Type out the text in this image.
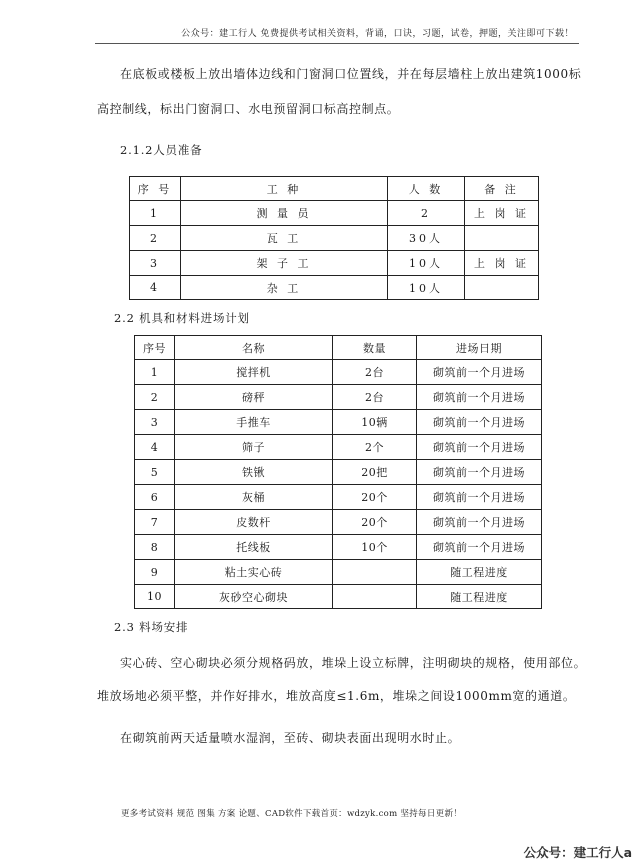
公众号：建工行人 免费提供考试相关资料，背诵，口诀，习题，试卷，押题，关注即可下载！
在底板或楼板上放出墙体边线和门窗洞口位置线，并在每层墙柱上放出建筑1000标
高控制线，标出门窗洞口、水电预留洞口标高控制点。
2.1.2人员准备
序 号	工 种	人 数	备 注
1	测 量 员	2	上 岗 证
2	瓦 工	30人	
3	架 子 工	10人	上 岗 证
4	杂 工	10人	
2.2 机具和材料进场计划
序号	名称	数量	进场日期
1	搅拌机	2台	砌筑前一个月进场
2	磅秤	2台	砌筑前一个月进场
3	手推车	10辆	砌筑前一个月进场
4	筛子	2个	砌筑前一个月进场
5	铁锹	20把	砌筑前一个月进场
6	灰桶	20个	砌筑前一个月进场
7	皮数杆	20个	砌筑前一个月进场
8	托线板	10个	砌筑前一个月进场
9	粘土实心砖		随工程进度
10	灰砂空心砌块		随工程进度
2.3 料场安排
实心砖、空心砌块必须分规格码放，堆垛上设立标牌，注明砌块的规格，使用部位。
堆放场地必须平整，并作好排水，堆放高度≤1.6m，堆垛之间设1000mm宽的通道。
在砌筑前两天适量喷水湿润，至砖、砌块表面出现明水时止。
更多考试资料 规范 图集 方案 论题、CAD软件下载首页：wdzyk.com 坚持每日更新！
公众号：建工行人a
